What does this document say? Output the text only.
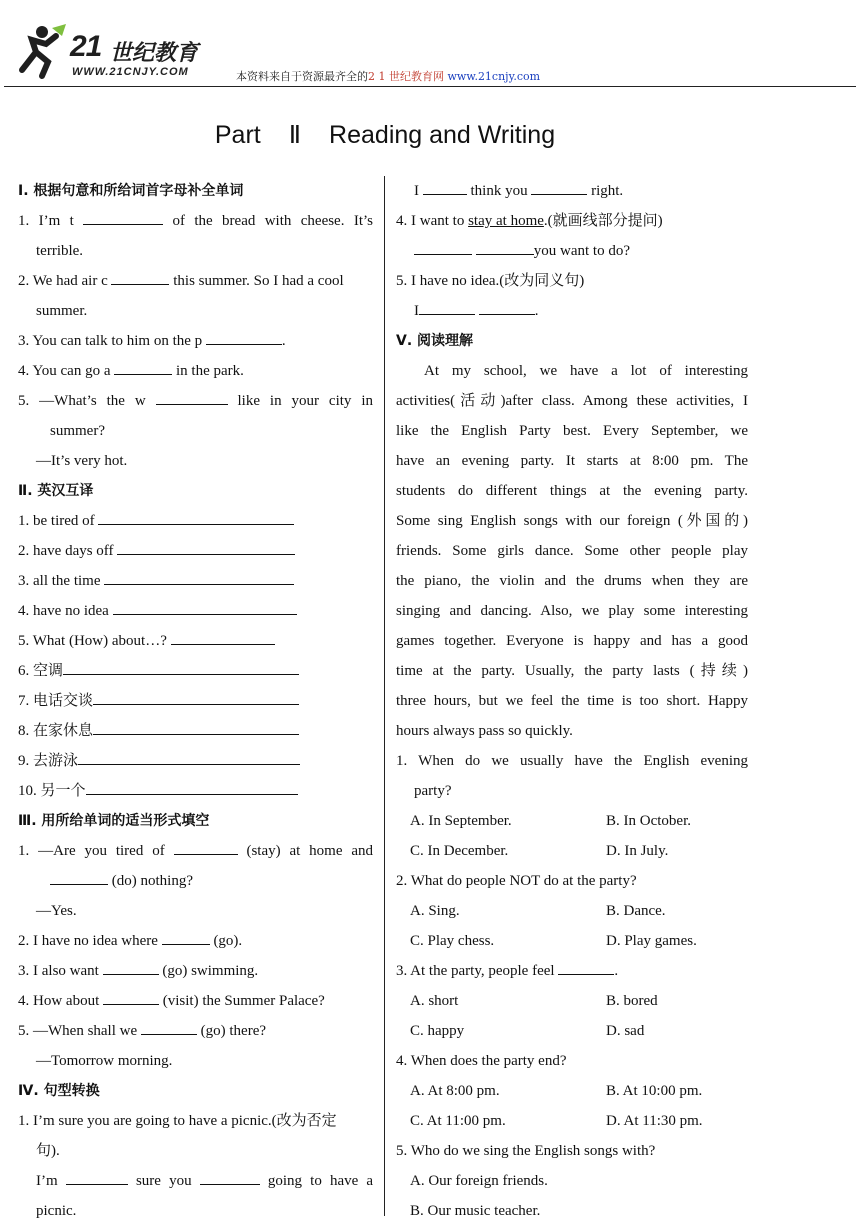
21 世纪教育
WWW.21CNJY.COM	本资料来自于资源最齐全的2 1 世纪教育网 www.21cnjy.com
Part Ⅱ Reading and Writing
Ⅰ. 根据句意和所给词首字母补全单词
1. I’m t	of the bread with cheese. It’s
terrible.
2. We had air c	this summer. So I had a cool
summer.
3. You can talk to him on the p	.
4. You can go a	in the park.
5. —What’s the w	like in your city in
summer?
—It’s very hot.
Ⅱ. 英汉互译
1. be tired of
2. have days off
3. all the time
4. have no idea
5. What (How) about…?
6. 空调
7. 电话交谈
8. 在家休息
9. 去游泳
10. 另一个
Ⅲ. 用所给单词的适当形式填空
1. —Are you tired of	(stay) at home and
(do) nothing?
—Yes.
2. I have no idea where	(go).
3. I also want	(go) swimming.
4. How about	(visit) the Summer Palace?
5. —When shall we	(go) there?
—Tomorrow morning.
Ⅳ. 句型转换
1. I’m sure you are going to have a picnic.(改为否定
句).
I’m	sure you	going to have a
picnic.
I	think you	right.
4. I want to stay at home.(就画线部分提问)
you want to do?
5. I have no idea.(改为同义句)
I	.
Ⅴ. 阅读理解
At my school, we have a lot of interesting
activities(活动)after class. Among these activities, I
like the English Party best. Every September, we
have an evening party. It starts at 8:00 pm. The
students do different things at the evening party.
Some sing English songs with our foreign (外国的)
friends. Some girls dance. Some other people play
the piano, the violin and the drums when they are
singing and dancing. Also, we play some interesting
games together. Everyone is happy and has a good
time at the party. Usually, the party lasts (持续)
three hours, but we feel the time is too short. Happy
hours always pass so quickly.
1. When do we usually have the English evening
party?
A. In September.	B. In October.
C. In December.	D. In July.
2. What do people NOT do at the party?
A. Sing.	B. Dance.
C. Play chess.	D. Play games.
3. At the party, people feel	.
A. short	B. bored
C. happy	D. sad
4. When does the party end?
A. At 8:00 pm.	B. At 10:00 pm.
C. At 11:00 pm.	D. At 11:30 pm.
5. Who do we sing the English songs with?
A. Our foreign friends.
B. Our music teacher.
